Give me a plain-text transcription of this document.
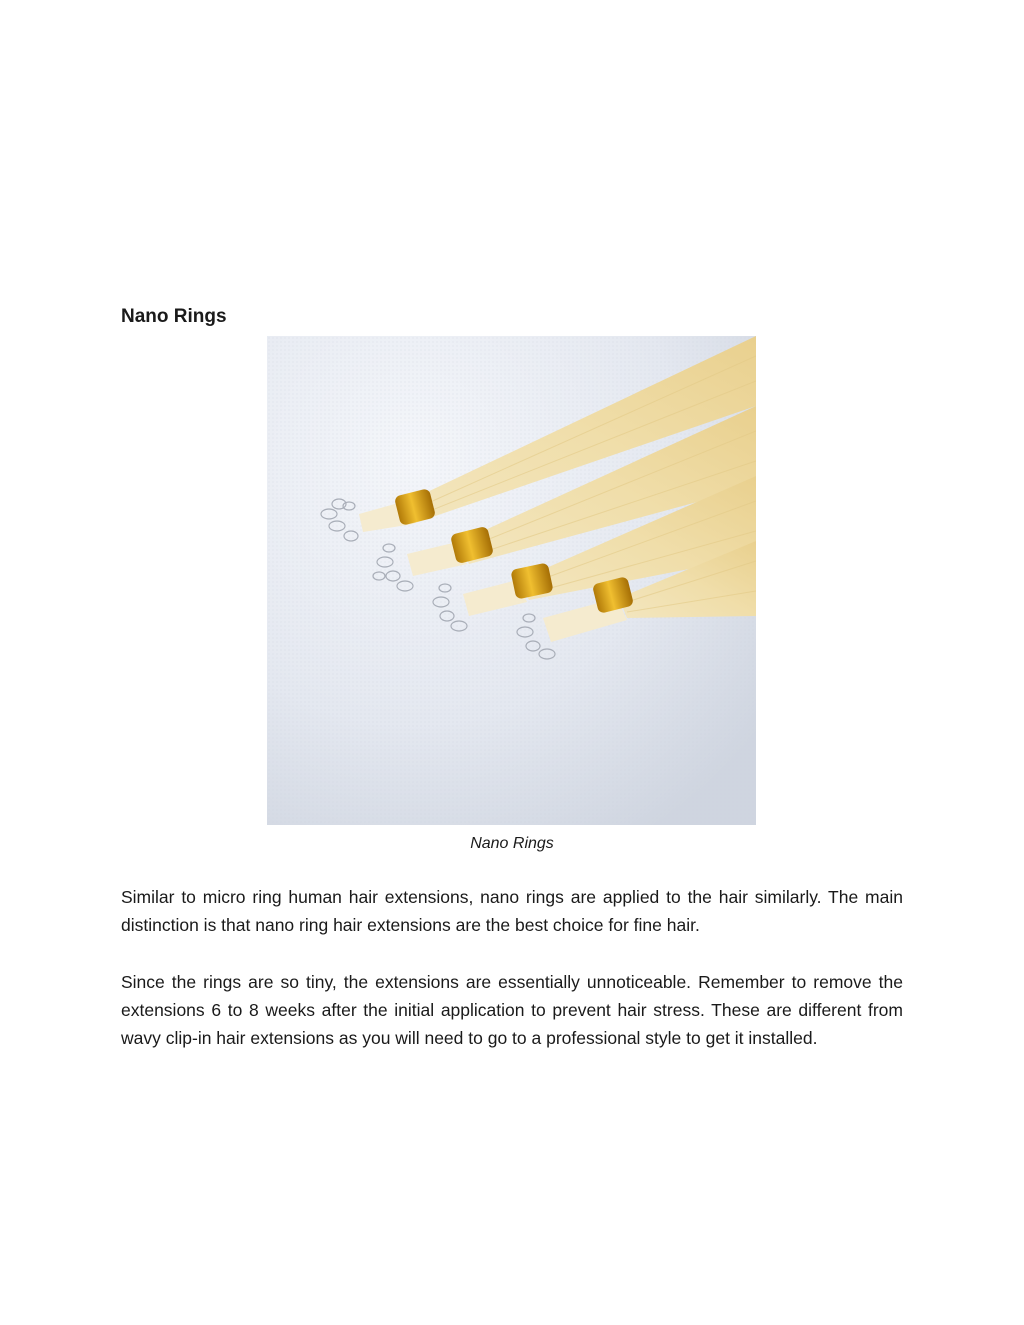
Nano Rings
Nano Rings

Similar to micro ring human hair extensions, nano rings are applied to the hair similarly. The main distinction is that nano ring hair extensions are the best choice for fine hair.

Since the rings are so tiny, the extensions are essentially unnoticeable. Remember to remove the extensions 6 to 8 weeks after the initial application to prevent hair stress. These are different from wavy clip-in hair extensions as you will need to go to a professional style to get it installed.
